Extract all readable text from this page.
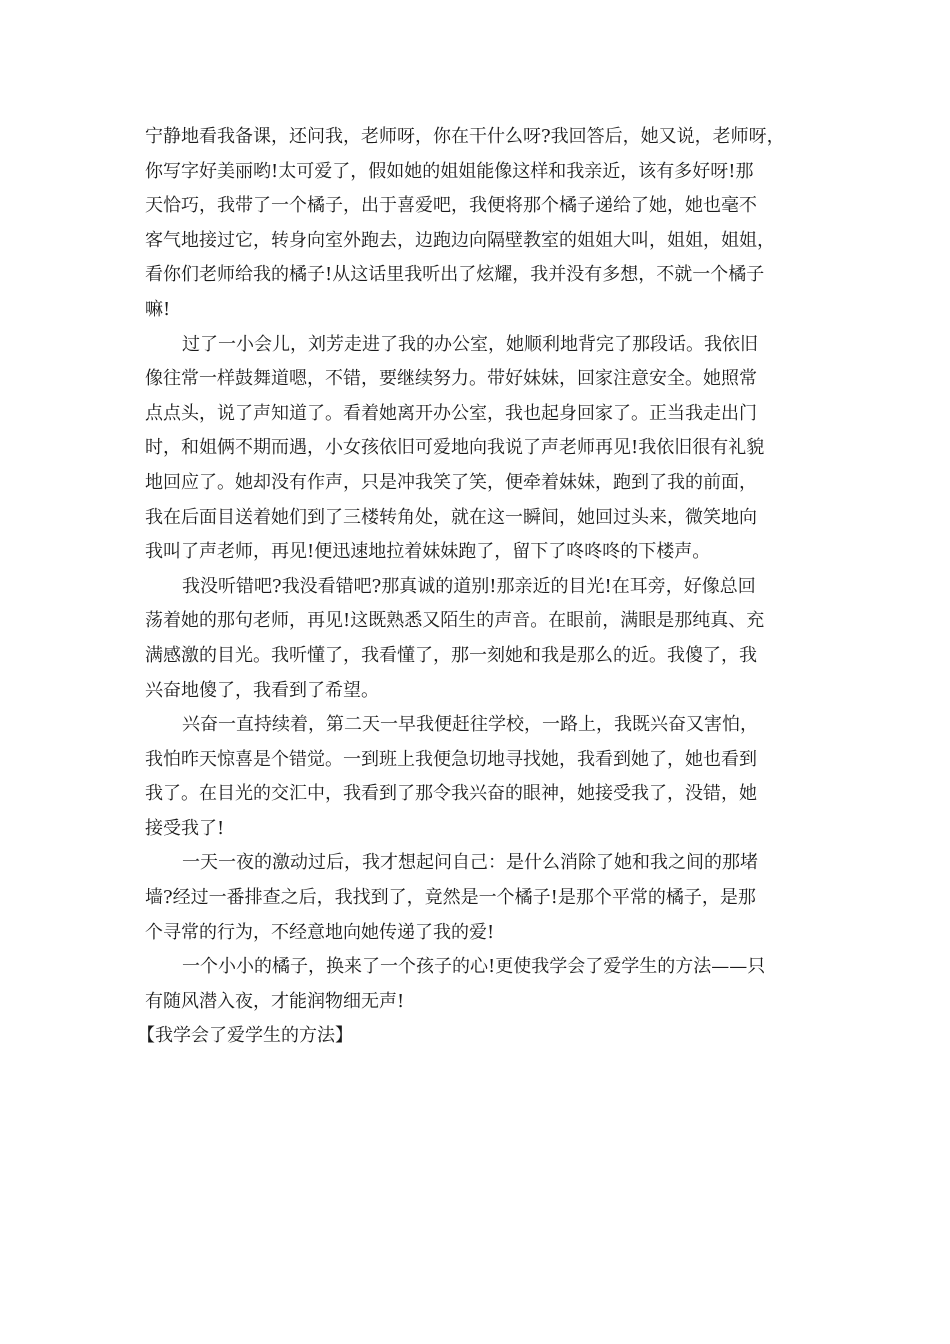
宁静地看我备课，还问我，老师呀，你在干什么呀?我回答后，她又说，老师呀，
你写字好美丽哟!太可爱了，假如她的姐姐能像这样和我亲近，该有多好呀!那
天恰巧，我带了一个橘子，出于喜爱吧，我便将那个橘子递给了她，她也毫不
客气地接过它，转身向室外跑去，边跑边向隔壁教室的姐姐大叫，姐姐，姐姐，
看你们老师给我的橘子!从这话里我听出了炫耀，我并没有多想，不就一个橘子
嘛!
过了一小会儿，刘芳走进了我的办公室，她顺利地背完了那段话。我依旧
像往常一样鼓舞道嗯，不错，要继续努力。带好妹妹，回家注意安全。她照常
点点头，说了声知道了。看着她离开办公室，我也起身回家了。正当我走出门
时，和姐俩不期而遇，小女孩依旧可爱地向我说了声老师再见!我依旧很有礼貌
地回应了。她却没有作声，只是冲我笑了笑，便牵着妹妹，跑到了我的前面，
我在后面目送着她们到了三楼转角处，就在这一瞬间，她回过头来，微笑地向
我叫了声老师，再见!便迅速地拉着妹妹跑了，留下了咚咚咚的下楼声。
我没听错吧?我没看错吧?那真诚的道别!那亲近的目光!在耳旁，好像总回
荡着她的那句老师，再见!这既熟悉又陌生的声音。在眼前，满眼是那纯真、充
满感激的目光。我听懂了，我看懂了，那一刻她和我是那么的近。我傻了，我
兴奋地傻了，我看到了希望。
兴奋一直持续着，第二天一早我便赶往学校，一路上，我既兴奋又害怕，
我怕昨天惊喜是个错觉。一到班上我便急切地寻找她，我看到她了，她也看到
我了。在目光的交汇中，我看到了那令我兴奋的眼神，她接受我了，没错，她
接受我了!
一天一夜的激动过后，我才想起问自己：是什么消除了她和我之间的那堵
墙?经过一番排查之后，我找到了，竟然是一个橘子!是那个平常的橘子，是那
个寻常的行为，不经意地向她传递了我的爱!
一个小小的橘子，换来了一个孩子的心!更使我学会了爱学生的方法——只
有随风潜入夜，才能润物细无声!
【我学会了爱学生的方法】
